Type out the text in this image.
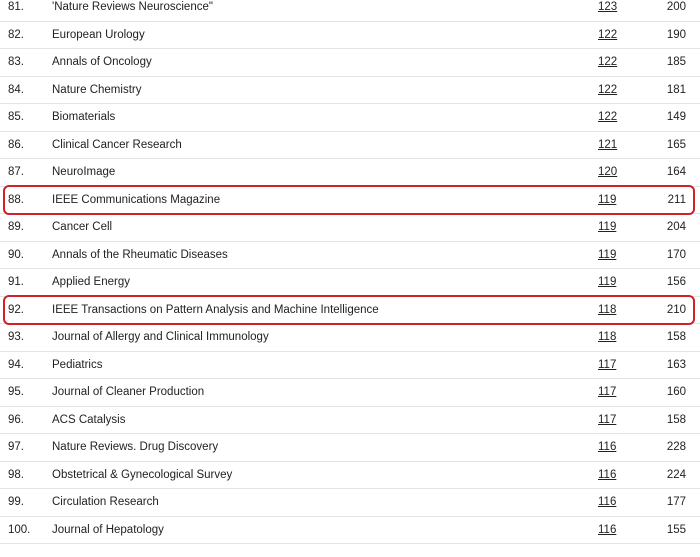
81. 'Nature Reviews Neuroscience"	123	200
82. European Urology	122	190
83. Annals of Oncology	122	185
84. Nature Chemistry	122	181
85. Biomaterials	122	149
86. Clinical Cancer Research	121	165
87. NeuroImage	120	164
88. IEEE Communications Magazine	119	211
89. Cancer Cell	119	204
90. Annals of the Rheumatic Diseases	119	170
91. Applied Energy	119	156
92. IEEE Transactions on Pattern Analysis and Machine Intelligence	118	210
93. Journal of Allergy and Clinical Immunology	118	158
94. Pediatrics	117	163
95. Journal of Cleaner Production	117	160
96. ACS Catalysis	117	158
97. Nature Reviews. Drug Discovery	116	228
98. Obstetrical & Gynecological Survey	116	224
99. Circulation Research	116	177
100. Journal of Hepatology	116	155
